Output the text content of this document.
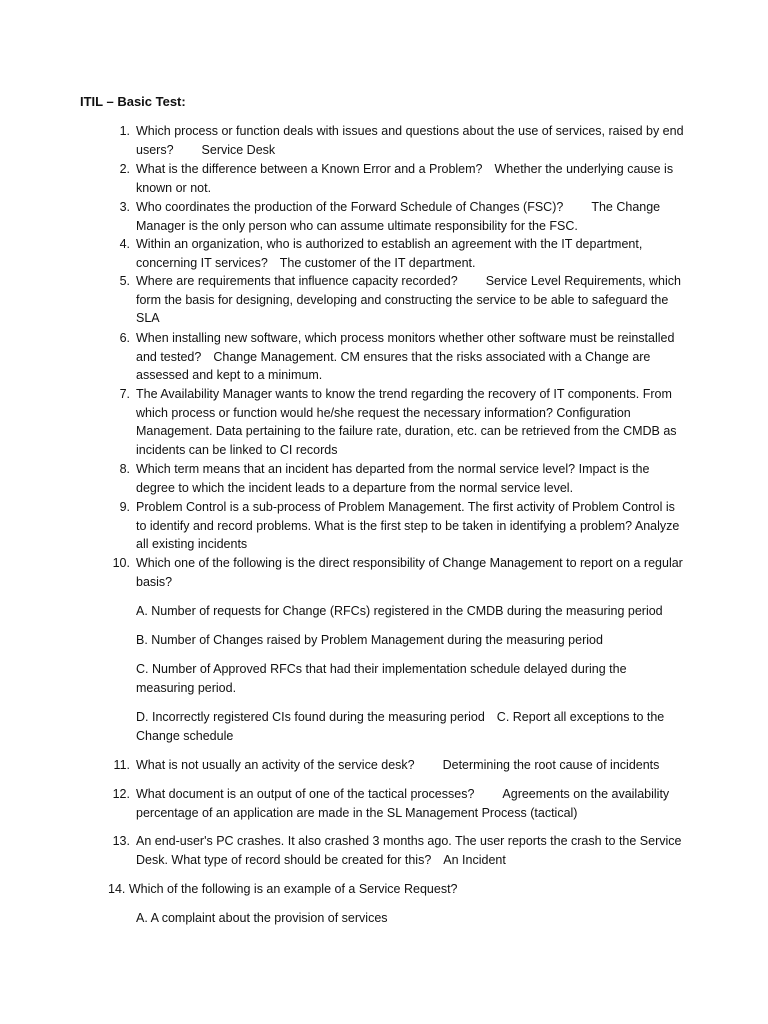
ITIL – Basic Test:
1. Which process or function deals with issues and questions about the use of services, raised by end users? Service Desk
2. What is the difference between a Known Error and a Problem? Whether the underlying cause is known or not.
3. Who coordinates the production of the Forward Schedule of Changes (FSC)? The Change Manager is the only person who can assume ultimate responsibility for the FSC.
4. Within an organization, who is authorized to establish an agreement with the IT department, concerning IT services? The customer of the IT department.
5. Where are requirements that influence capacity recorded? Service Level Requirements, which form the basis for designing, developing and constructing the service to be able to safeguard the SLA
6. When installing new software, which process monitors whether other software must be reinstalled and tested? Change Management. CM ensures that the risks associated with a Change are assessed and kept to a minimum.
7. The Availability Manager wants to know the trend regarding the recovery of IT components. From which process or function would he/she request the necessary information? Configuration Management. Data pertaining to the failure rate, duration, etc. can be retrieved from the CMDB as incidents can be linked to CI records
8. Which term means that an incident has departed from the normal service level? Impact is the degree to which the incident leads to a departure from the normal service level.
9. Problem Control is a sub-process of Problem Management. The first activity of Problem Control is to identify and record problems. What is the first step to be taken in identifying a problem? Analyze all existing incidents
10. Which one of the following is the direct responsibility of Change Management to report on a regular basis?
A. Number of requests for Change (RFCs) registered in the CMDB during the measuring period
B. Number of Changes raised by Problem Management during the measuring period
C. Number of Approved RFCs that had their implementation schedule delayed during the measuring period.
D. Incorrectly registered CIs found during the measuring period C. Report all exceptions to the Change schedule
11. What is not usually an activity of the service desk? Determining the root cause of incidents
12. What document is an output of one of the tactical processes? Agreements on the availability percentage of an application are made in the SL Management Process (tactical)
13. An end-user's PC crashes. It also crashed 3 months ago. The user reports the crash to the Service Desk. What type of record should be created for this? An Incident
14. Which of the following is an example of a Service Request?
A. A complaint about the provision of services
